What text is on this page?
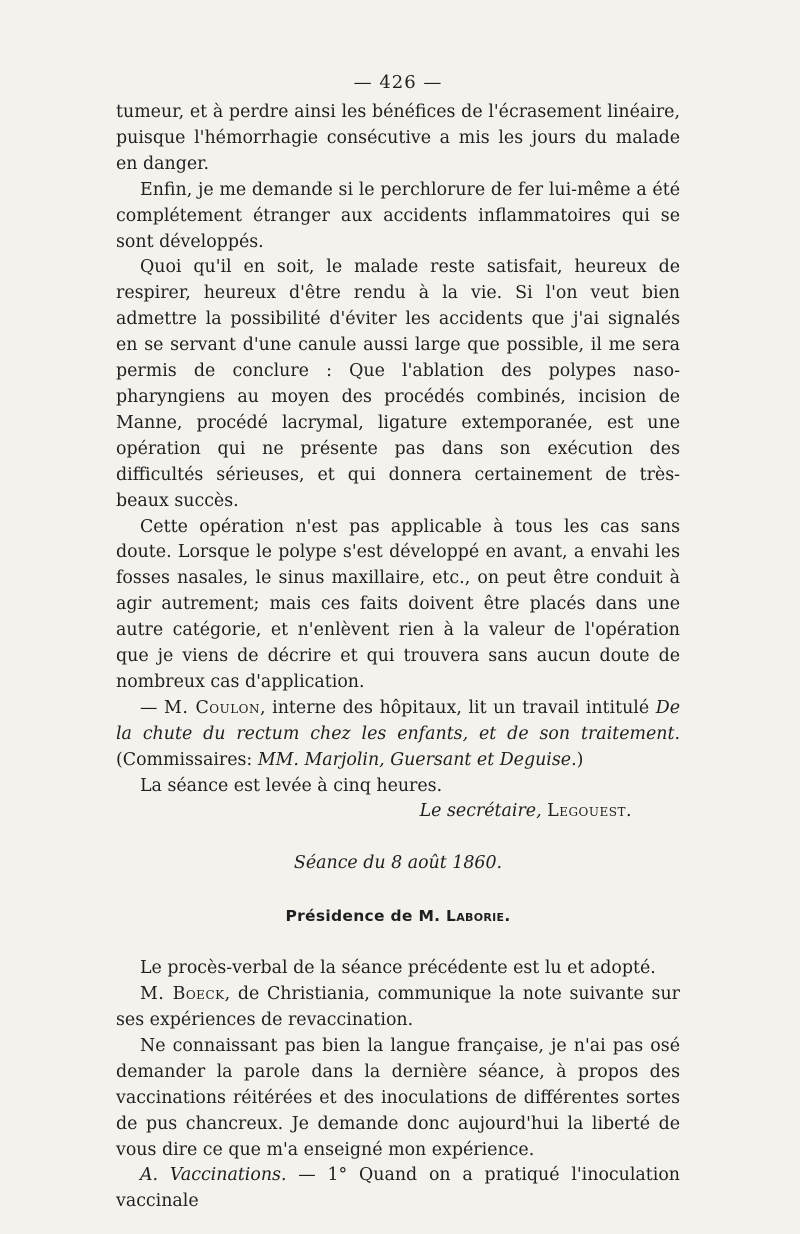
— 426 —

tumeur, et à perdre ainsi les bénéfices de l'écrasement linéaire, puisque l'hémorrhagie consécutive a mis les jours du malade en danger.

Enfin, je me demande si le perchlorure de fer lui-même a été complétement étranger aux accidents inflammatoires qui se sont développés.

Quoi qu'il en soit, le malade reste satisfait, heureux de respirer, heureux d'être rendu à la vie. Si l'on veut bien admettre la possibilité d'éviter les accidents que j'ai signalés en se servant d'une canule aussi large que possible, il me sera permis de conclure : Que l'ablation des polypes naso-pharyngiens au moyen des procédés combinés, incision de Manne, procédé lacrymal, ligature extemporanée, est une opération qui ne présente pas dans son exécution des difficultés sérieuses, et qui donnera certainement de très-beaux succès.

Cette opération n'est pas applicable à tous les cas sans doute. Lorsque le polype s'est développé en avant, a envahi les fosses nasales, le sinus maxillaire, etc., on peut être conduit à agir autrement; mais ces faits doivent être placés dans une autre catégorie, et n'enlèvent rien à la valeur de l'opération que je viens de décrire et qui trouvera sans aucun doute de nombreux cas d'application.

— M. Coulon, interne des hôpitaux, lit un travail intitulé De la chute du rectum chez les enfants, et de son traitement. (Commissaires: MM. Marjolin, Guersant et Deguise.)

La séance est levée à cinq heures.

Le secrétaire, Legouest.

Séance du 8 août 1860.

Présidence de M. Laborie.

Le procès-verbal de la séance précédente est lu et adopté.

M. Boeck, de Christiania, communique la note suivante sur ses expériences de revaccination.

Ne connaissant pas bien la langue française, je n'ai pas osé demander la parole dans la dernière séance, à propos des vaccinations réitérées et des inoculations de différentes sortes de pus chancreux. Je demande donc aujourd'hui la liberté de vous dire ce que m'a enseigné mon expérience.

A. Vaccinations. — 1° Quand on a pratiqué l'inoculation vaccinale
